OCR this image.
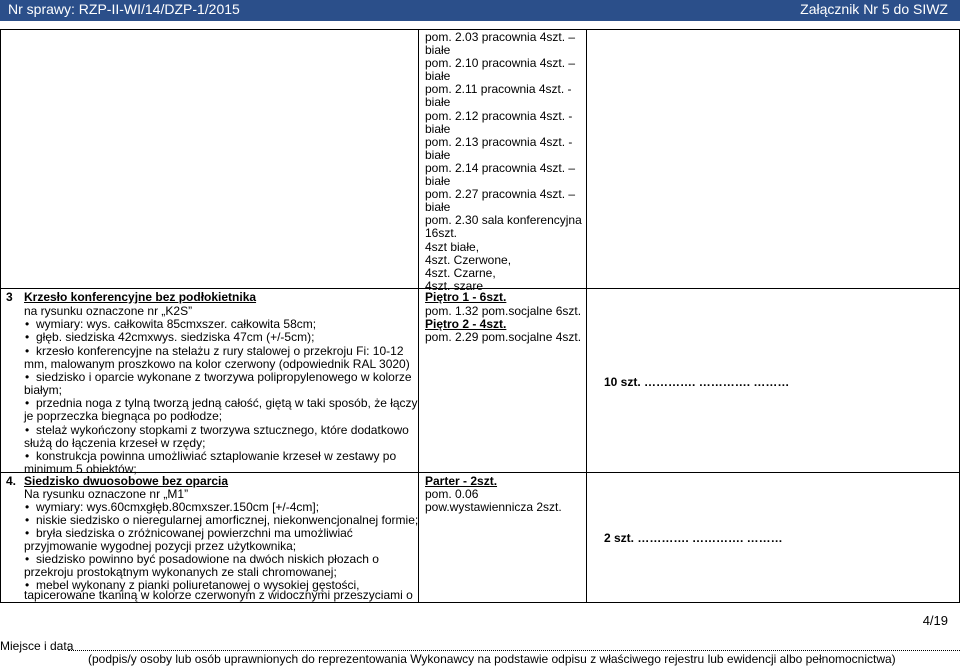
Nr sprawy: RZP-II-WI/14/DZP-1/2015	Załącznik Nr 5 do SIWZ
pom. 2.03 pracownia 4szt. –
białe
pom. 2.10 pracownia 4szt. –
białe
pom. 2.11 pracownia 4szt. -
białe
pom. 2.12 pracownia 4szt. -
białe
pom. 2.13 pracownia 4szt. -
białe
pom. 2.14 pracownia 4szt. –
białe
pom. 2.27 pracownia 4szt. –
białe
pom. 2.30 sala konferencyjna
16szt.
4szt białe,
4szt. Czerwone,
4szt. Czarne,
4szt. szare
3 Krzesło konferencyjne bez podłokietnika
na rysunku oznaczone nr „K2S”
• wymiary: wys. całkowita 85cmxszer. całkowita 58cm;
• głęb. siedziska 42cmxwys. siedziska 47cm (+/-5cm);
• krzesło konferencyjne na stelażu z rury stalowej o przekroju Fi: 10-12
mm, malowanym proszkowo na kolor czerwony (odpowiednik RAL 3020)
• siedzisko i oparcie wykonane z tworzywa polipropylenowego w kolorze
białym;
• przednia noga z tylną tworzą jedną całość, giętą w taki sposób, że łączy
je poprzeczka biegnąca po podłodze;
• stelaż wykończony stopkami z tworzywa sztucznego, które dodatkowo
służą do łączenia krzeseł w rzędy;
• konstrukcja powinna umożliwiać sztaplowanie krzeseł w zestawy po
minimum 5 obiektów;
Piętro 1 - 6szt.
pom. 1.32 pom.socjalne 6szt.
Piętro 2 - 4szt.
pom. 2.29 pom.socjalne 4szt.
10 szt. …………. …………. ………
4. Siedzisko dwuosobowe bez oparcia
Na rysunku oznaczone nr „M1”
• wymiary: wys.60cmxgłęb.80cmxszer.150cm [+/-4cm];
• niskie siedzisko o nieregularnej amorficznej, niekonwencjonalnej formie;
• bryła siedziska o zróżnicowanej powierzchni ma umożliwiać
przyjmowanie wygodnej pozycji przez użytkownika;
• siedzisko powinno być posadowione na dwóch niskich płozach o
przekroju prostokątnym wykonanych ze stali chromowanej;
• mebel wykonany z pianki poliuretanowej o wysokiej gęstości,
tapicerowane tkaniną w kolorze czerwonym z widocznymi przeszyciami o
Parter - 2szt.
pom. 0.06
pow.wystawiennicza 2szt.
2 szt. …………. …………. ………
4/19
Miejsce i data
(podpis/y osoby lub osób uprawnionych do reprezentowania Wykonawcy na podstawie odpisu z właściwego rejestru lub ewidencji albo pełnomocnictwa)
